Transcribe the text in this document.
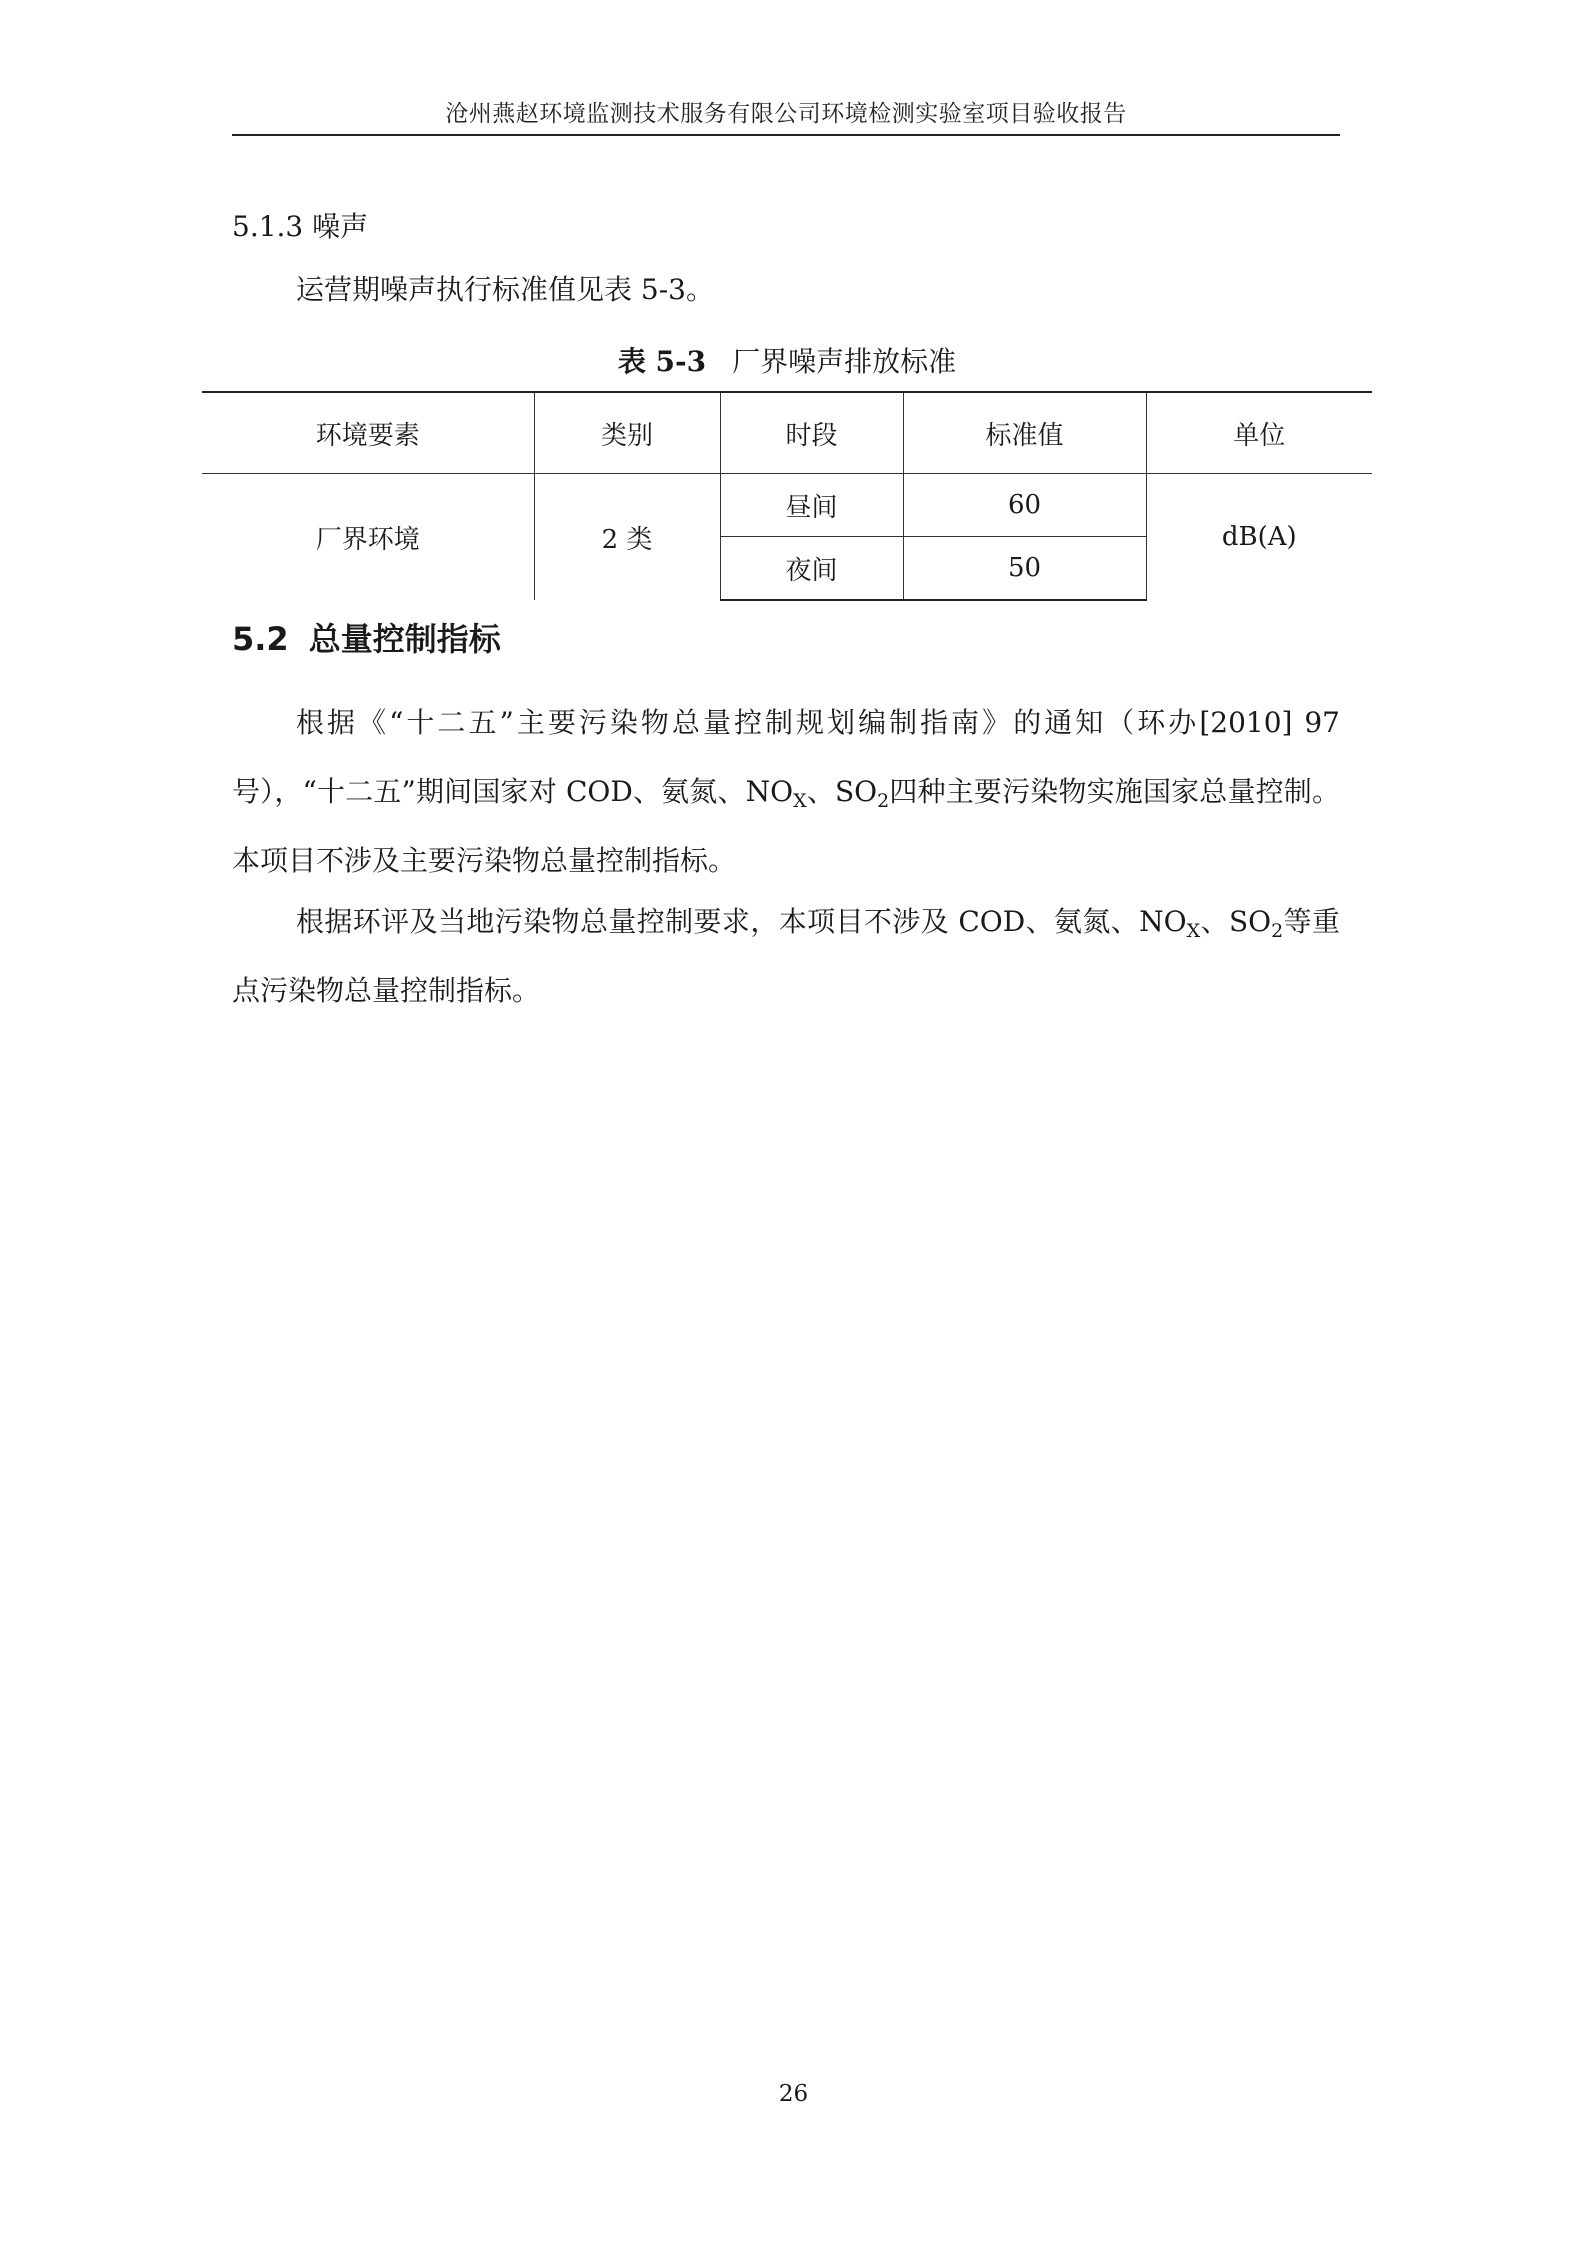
沧州燕赵环境监测技术服务有限公司环境检测实验室项目验收报告
5.1.3 噪声
运营期噪声执行标准值见表 5-3。
表 5-3 厂界噪声排放标准
环境要素	类别	时段	标准值	单位
厂界环境	2 类	昼间	60	dB(A)
		夜间	50	
5.2 总量控制指标

根据《“十二五”主要污染物总量控制规划编制指南》的通知（环办[2010] 97 号），“十二五”期间国家对 COD、氨氮、$NO_X$、$SO_2$四种主要污染物实施国家总量控制。本项目不涉及主要污染物总量控制指标。

根据环评及当地污染物总量控制要求，本项目不涉及 COD、氨氮、$NO_X$、$SO_2$等重点污染物总量控制指标。

26
